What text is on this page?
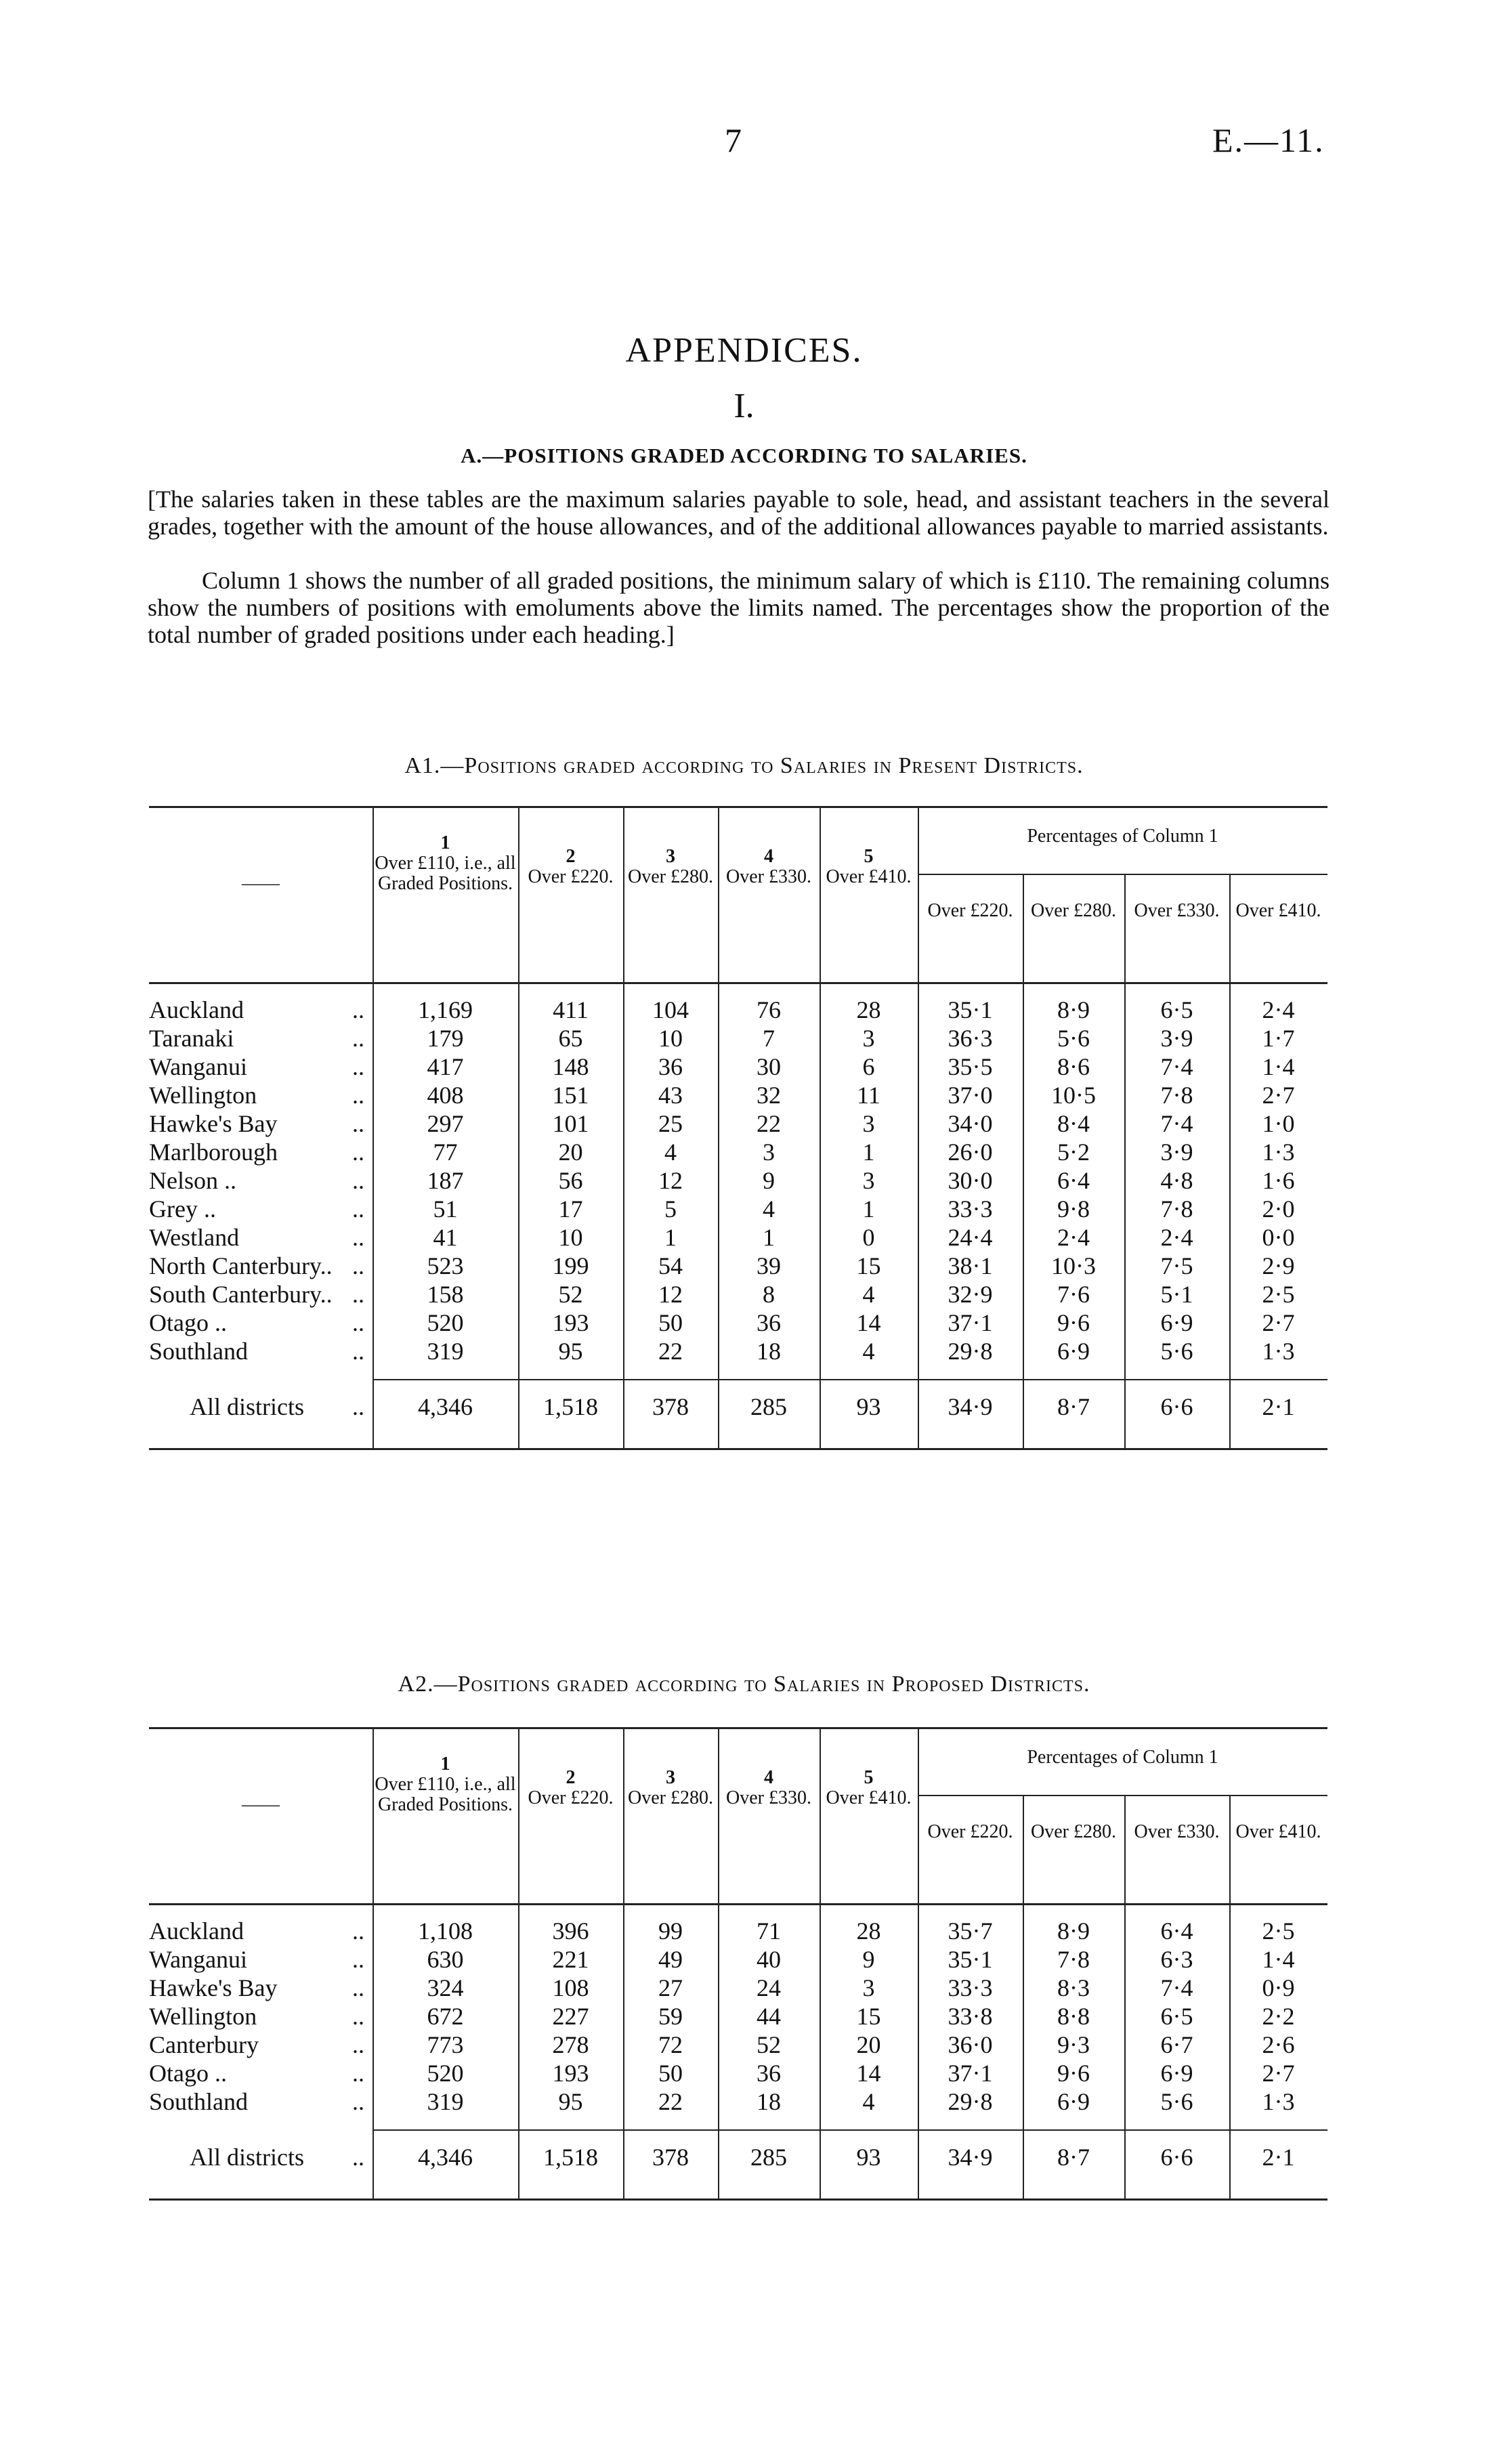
7	E.—11.
APPENDICES.
I.
A.—POSITIONS GRADED ACCORDING TO SALARIES.
[The salaries taken in these tables are the maximum salaries payable to sole, head, and assistant teachers in the several grades, together with the amount of the house allowances, and of the additional allowances payable to married assistants.
Column 1 shows the number of all graded positions, the minimum salary of which is £110. The remaining columns show the numbers of positions with emoluments above the limits named. The percentages show the proportion of the total number of graded positions under each heading.]
A1.—Positions graded according to Salaries in Present Districts.
——
1
Over £110, i.e., all Graded Positions.
2
Over £220.
3
Over £280.
4
Over £330.
5
Over £410.
Percentages of Column 1
Over £220. Over £280. Over £330. Over £410.
Auckland	..	1,169	411	104	76	28	35·1	8·9	6·5	2·4
Taranaki	..	179	65	10	7	3	36·3	5·6	3·9	1·7
Wanganui	..	417	148	36	30	6	35·5	8·6	7·4	1·4
Wellington	..	408	151	43	32	11	37·0	10·5	7·8	2·7
Hawke's Bay	..	297	101	25	22	3	34·0	8·4	7·4	1·0
Marlborough	..	77	20	4	3	1	26·0	5·2	3·9	1·3
Nelson ..	..	187	56	12	9	3	30·0	6·4	4·8	1·6
Grey ..	..	51	17	5	4	1	33·3	9·8	7·8	2·0
Westland	..	41	10	1	1	0	24·4	2·4	2·4	0·0
North Canterbury.. ..	523	199	54	39	15	38·1	10·3	7·5	2·9
South Canterbury.. ..	158	52	12	8	4	32·9	7·6	5·1	2·5
Otago ..	..	520	193	50	36	14	37·1	9·6	6·9	2·7
Southland	..	319	95	22	18	4	29·8	6·9	5·6	1·3
All districts ..	4,346	1,518	378	285	93	34·9	8·7	6·6	2·1
A2.—Positions graded according to Salaries in Proposed Districts.
——
1
Over £110, i.e., all Graded Positions.
2
Over £220.
3
Over £280.
4
Over £330.
5
Over £410.
Percentages of Column 1
Over £220. Over £280. Over £330. Over £410.
Auckland	..	1,108	396	99	71	28	35·7	8·9	6·4	2·5
Wanganui	..	630	221	49	40	9	35·1	7·8	6·3	1·4
Hawke's Bay	..	324	108	27	24	3	33·3	8·3	7·4	0·9
Wellington	..	672	227	59	44	15	33·8	8·8	6·5	2·2
Canterbury	..	773	278	72	52	20	36·0	9·3	6·7	2·6
Otago ..	..	520	193	50	36	14	37·1	9·6	6·9	2·7
Southland	..	319	95	22	18	4	29·8	6·9	5·6	1·3
All districts ..	4,346	1,518	378	285	93	34·9	8·7	6·6	2·1
